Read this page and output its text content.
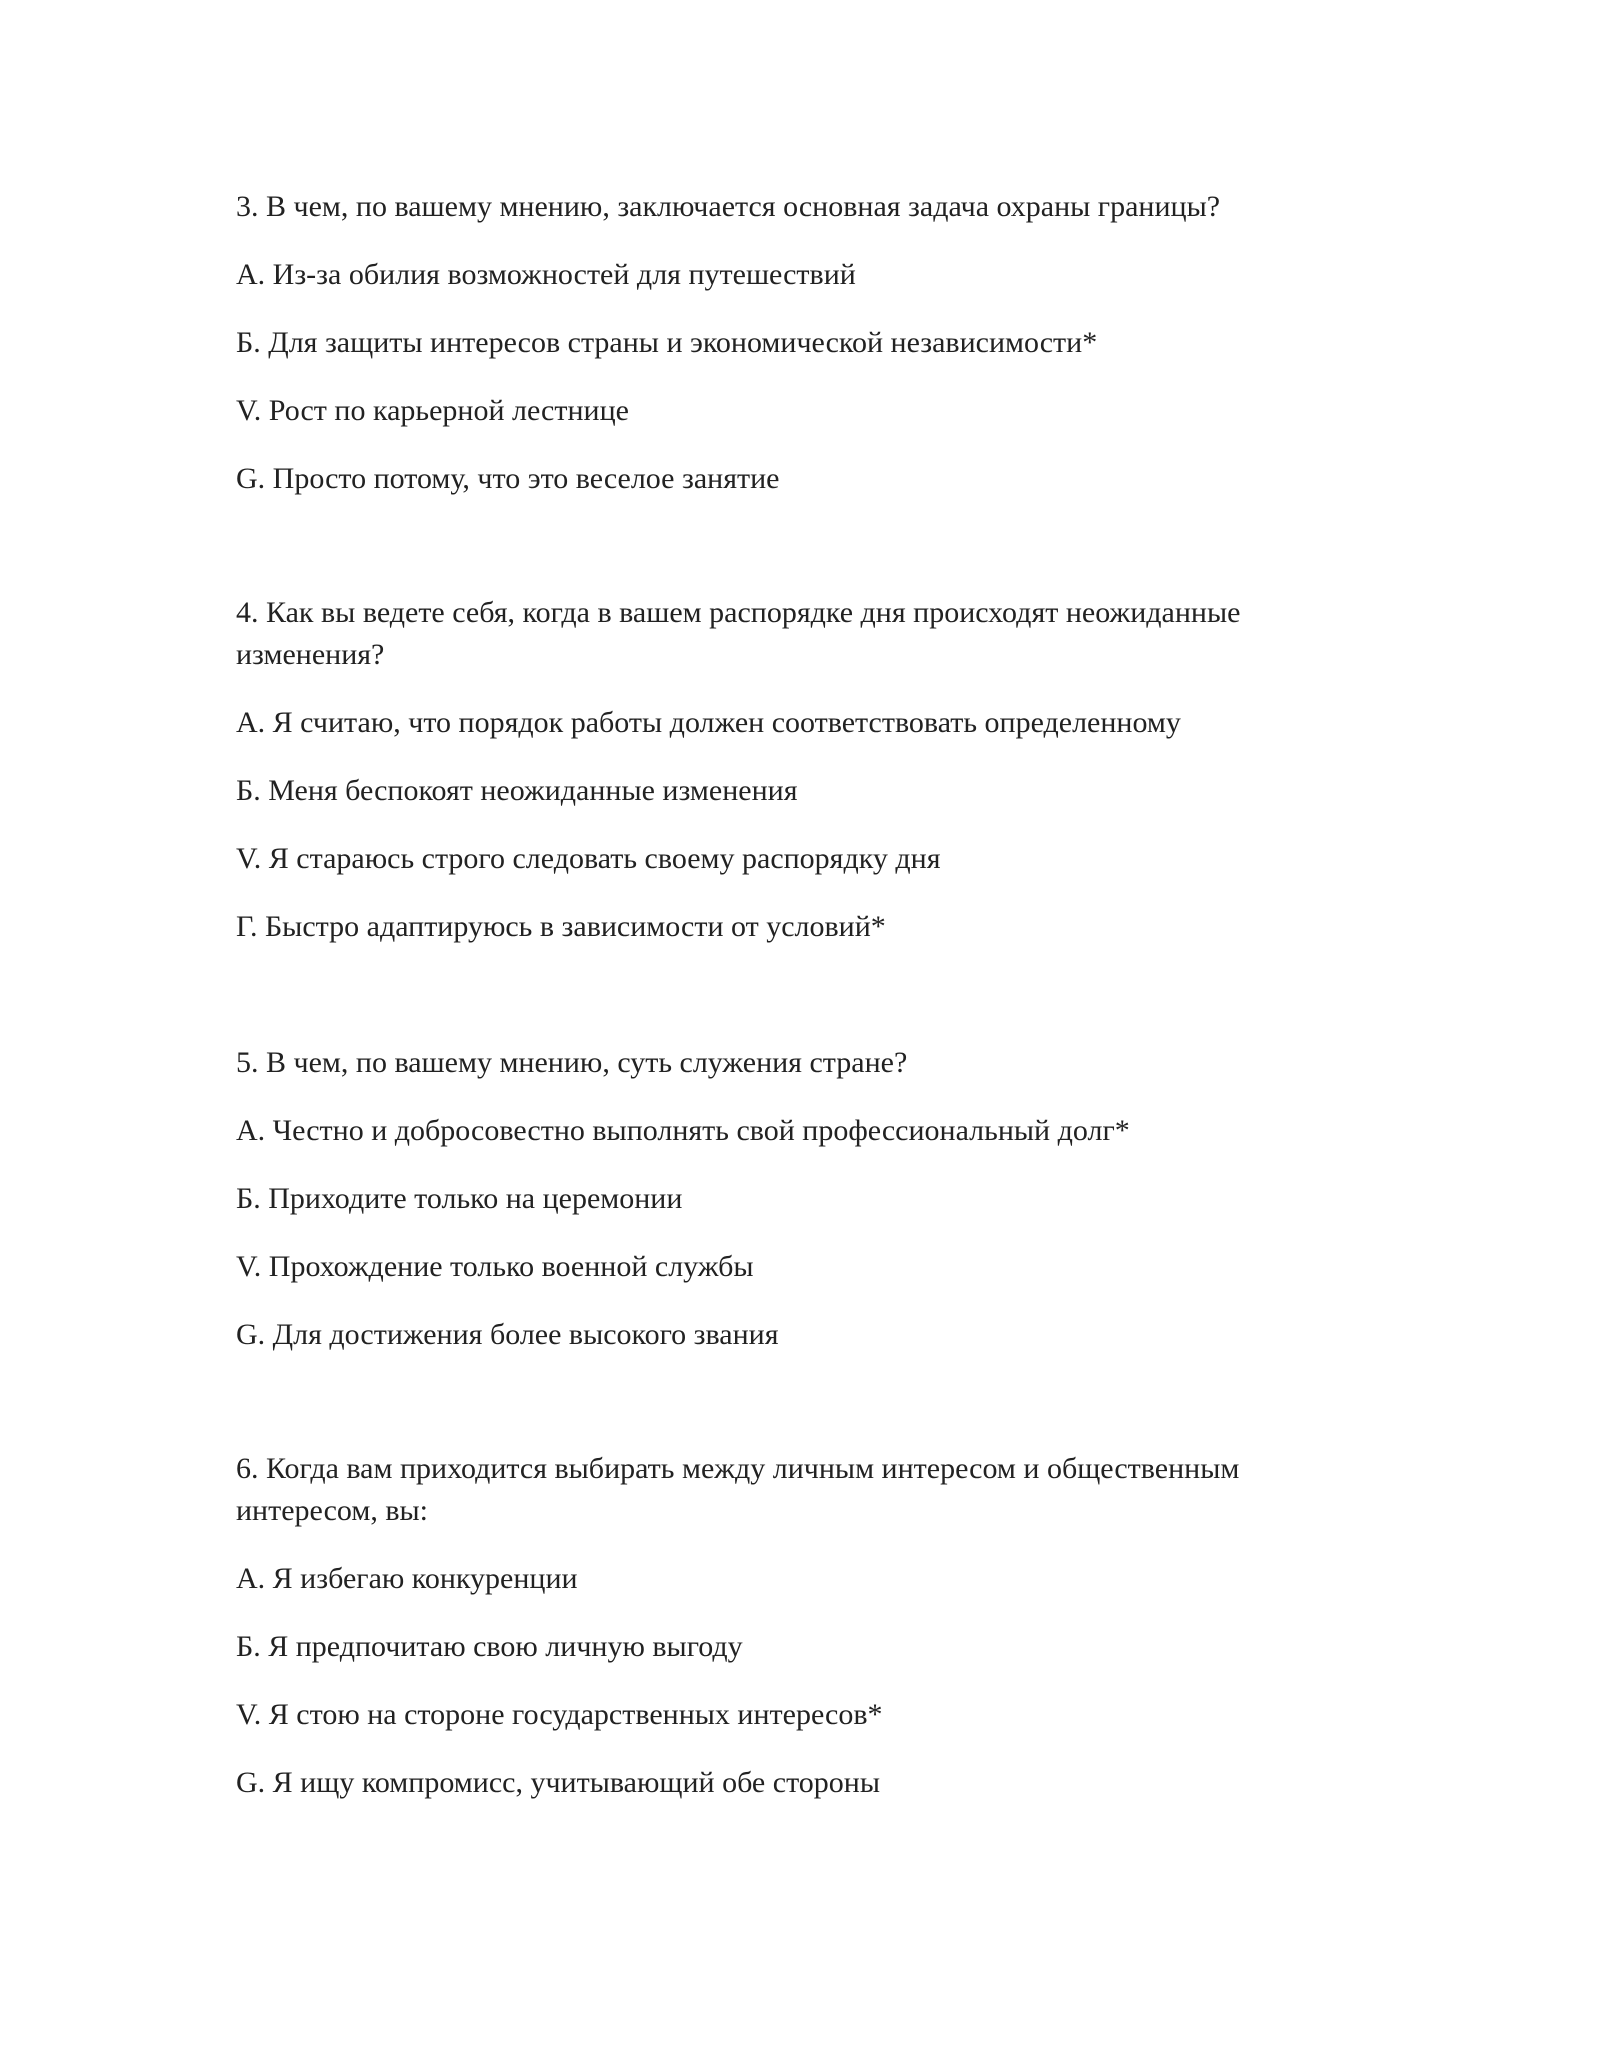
3. В чем, по вашему мнению, заключается основная задача охраны границы?

A. Из-за обилия возможностей для путешествий

Б. Для защиты интересов страны и экономической независимости*

V. Рост по карьерной лестнице

G. Просто потому, что это веселое занятие

4. Как вы ведете себя, когда в вашем распорядке дня происходят неожиданные изменения?

А. Я считаю, что порядок работы должен соответствовать определенному

Б. Меня беспокоят неожиданные изменения

V. Я стараюсь строго следовать своему распорядку дня

Г. Быстро адаптируюсь в зависимости от условий*

5. В чем, по вашему мнению, суть служения стране?

А. Честно и добросовестно выполнять свой профессиональный долг*

Б. Приходите только на церемонии

V. Прохождение только военной службы

G. Для достижения более высокого звания

6. Когда вам приходится выбирать между личным интересом и общественным интересом, вы:

А. Я избегаю конкуренции

Б. Я предпочитаю свою личную выгоду

V. Я стою на стороне государственных интересов*

G. Я ищу компромисс, учитывающий обе стороны
